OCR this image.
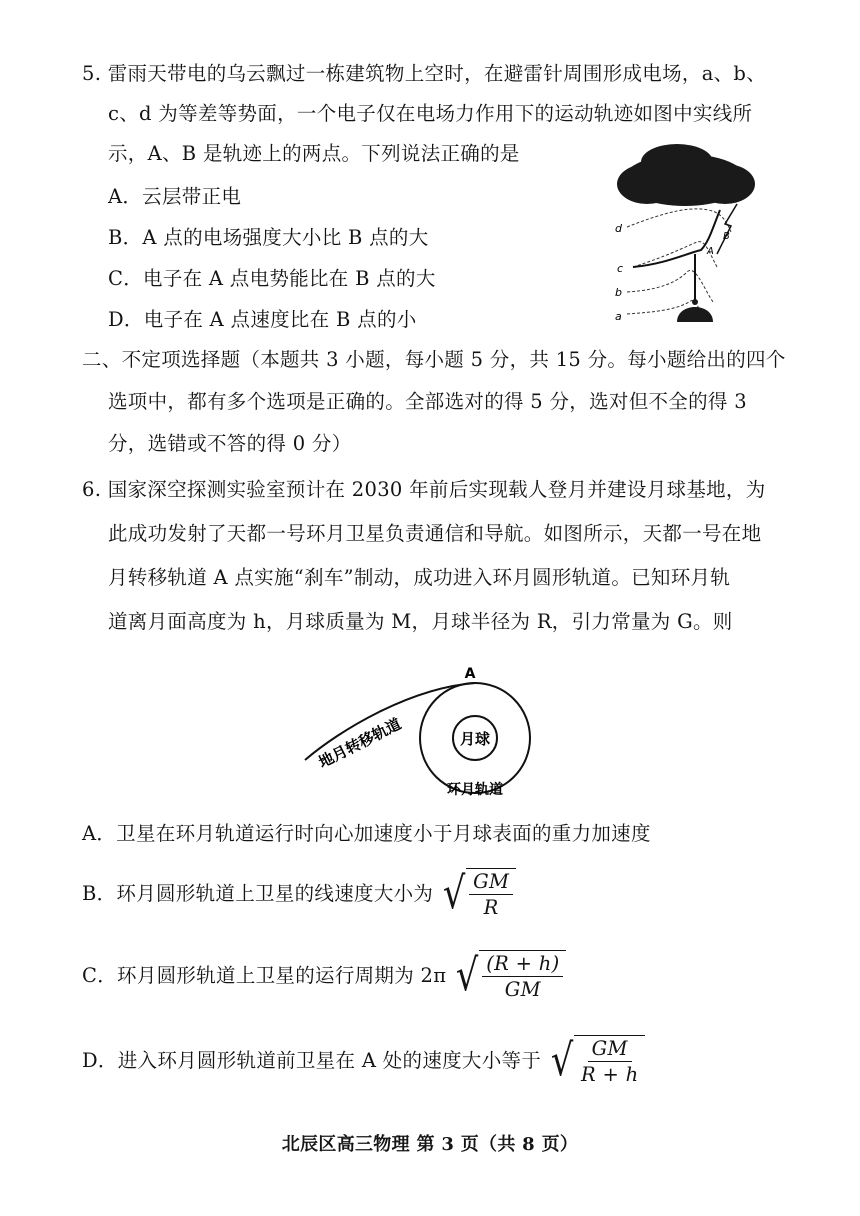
5. 雷雨天带电的乌云飘过一栋建筑物上空时，在避雷针周围形成电场，a、b、
c、d 为等差等势面，一个电子仅在电场力作用下的运动轨迹如图中实线所
示，A、B 是轨迹上的两点。下列说法正确的是
A．云层带正电
B．A 点的电场强度大小比 B 点的大
C．电子在 A 点电势能比在 B 点的大
D．电子在 A 点速度比在 B 点的小
d
c
b
a
A
B
二、不定项选择题（本题共 3 小题，每小题 5 分，共 15 分。每小题给出的四个
选项中，都有多个选项是正确的。全部选对的得 5 分，选对但不全的得 3
分，选错或不答的得 0 分）
6. 国家深空探测实验室预计在 2030 年前后实现载人登月并建设月球基地，为
此成功发射了天都一号环月卫星负责通信和导航。如图所示，天都一号在地
月转移轨道 A 点实施“刹车”制动，成功进入环月圆形轨道。已知环月轨
道离月面高度为 h，月球质量为 M，月球半径为 R，引力常量为 G。则
A
月球
地月转移轨道
环月轨道
A．卫星在环月轨道运行时向心加速度小于月球表面的重力加速度
B．环月圆形轨道上卫星的线速度大小为 √ $\frac{GM}{R}$
C．环月圆形轨道上卫星的运行周期为 2π √ $\frac{(R + h)}{GM}$
D．进入环月圆形轨道前卫星在 A 处的速度大小等于 √ $\frac{GM}{R + h}$
北辰区高三物理 第 3 页（共 8 页）
